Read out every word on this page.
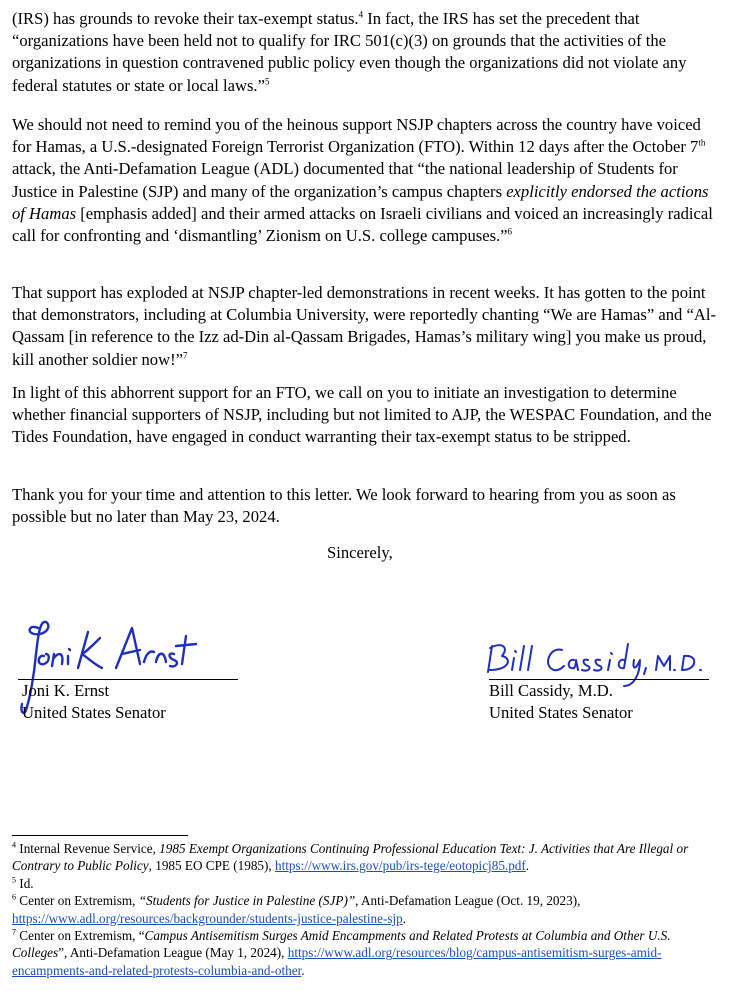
(IRS) has grounds to revoke their tax-exempt status.$^4$ In fact, the IRS has set the precedent that “organizations have been held not to qualify for IRC 501(c)(3) on grounds that the activities of the organizations in question contravened public policy even though the organizations did not violate any federal statutes or state or local laws.”$^5$

We should not need to remind you of the heinous support NSJP chapters across the country have voiced for Hamas, a U.S.-designated Foreign Terrorist Organization (FTO). Within 12 days after the October 7th attack, the Anti-Defamation League (ADL) documented that “the national leadership of Students for Justice in Palestine (SJP) and many of the organization’s campus chapters explicitly endorsed the actions of Hamas [emphasis added] and their armed attacks on Israeli civilians and voiced an increasingly radical call for confronting and ‘dismantling’ Zionism on U.S. college campuses.”$^6$

That support has exploded at NSJP chapter-led demonstrations in recent weeks. It has gotten to the point that demonstrators, including at Columbia University, were reportedly chanting “We are Hamas” and “Al-Qassam [in reference to the Izz ad-Din al-Qassam Brigades, Hamas’s military wing] you make us proud, kill another soldier now!”$^7$

In light of this abhorrent support for an FTO, we call on you to initiate an investigation to determine whether financial supporters of NSJP, including but not limited to AJP, the WESPAC Foundation, and the Tides Foundation, have engaged in conduct warranting their tax-exempt status to be stripped.

Thank you for your time and attention to this letter. We look forward to hearing from you as soon as possible but no later than May 23, 2024.

Sincerely,
Joni K. Ernst
United States Senator
Bill Cassidy, M.D.
United States Senator

$^4$ Internal Revenue Service, 1985 Exempt Organizations Continuing Professional Education Text: J. Activities that Are Illegal or Contrary to Public Policy, 1985 EO CPE (1985), https://www.irs.gov/pub/irs-tege/eotopicj85.pdf.

$^5$ Id.

$^6$ Center on Extremism, “Students for Justice in Palestine (SJP)”, Anti-Defamation League (Oct. 19, 2023), https://www.adl.org/resources/backgrounder/students-justice-palestine-sjp.

$^7$ Center on Extremism, “Campus Antisemitism Surges Amid Encampments and Related Protests at Columbia and Other U.S. Colleges”, Anti-Defamation League (May 1, 2024), https://www.adl.org/resources/blog/campus-antisemitism-surges-amid-encampments-and-related-protests-columbia-and-other.
